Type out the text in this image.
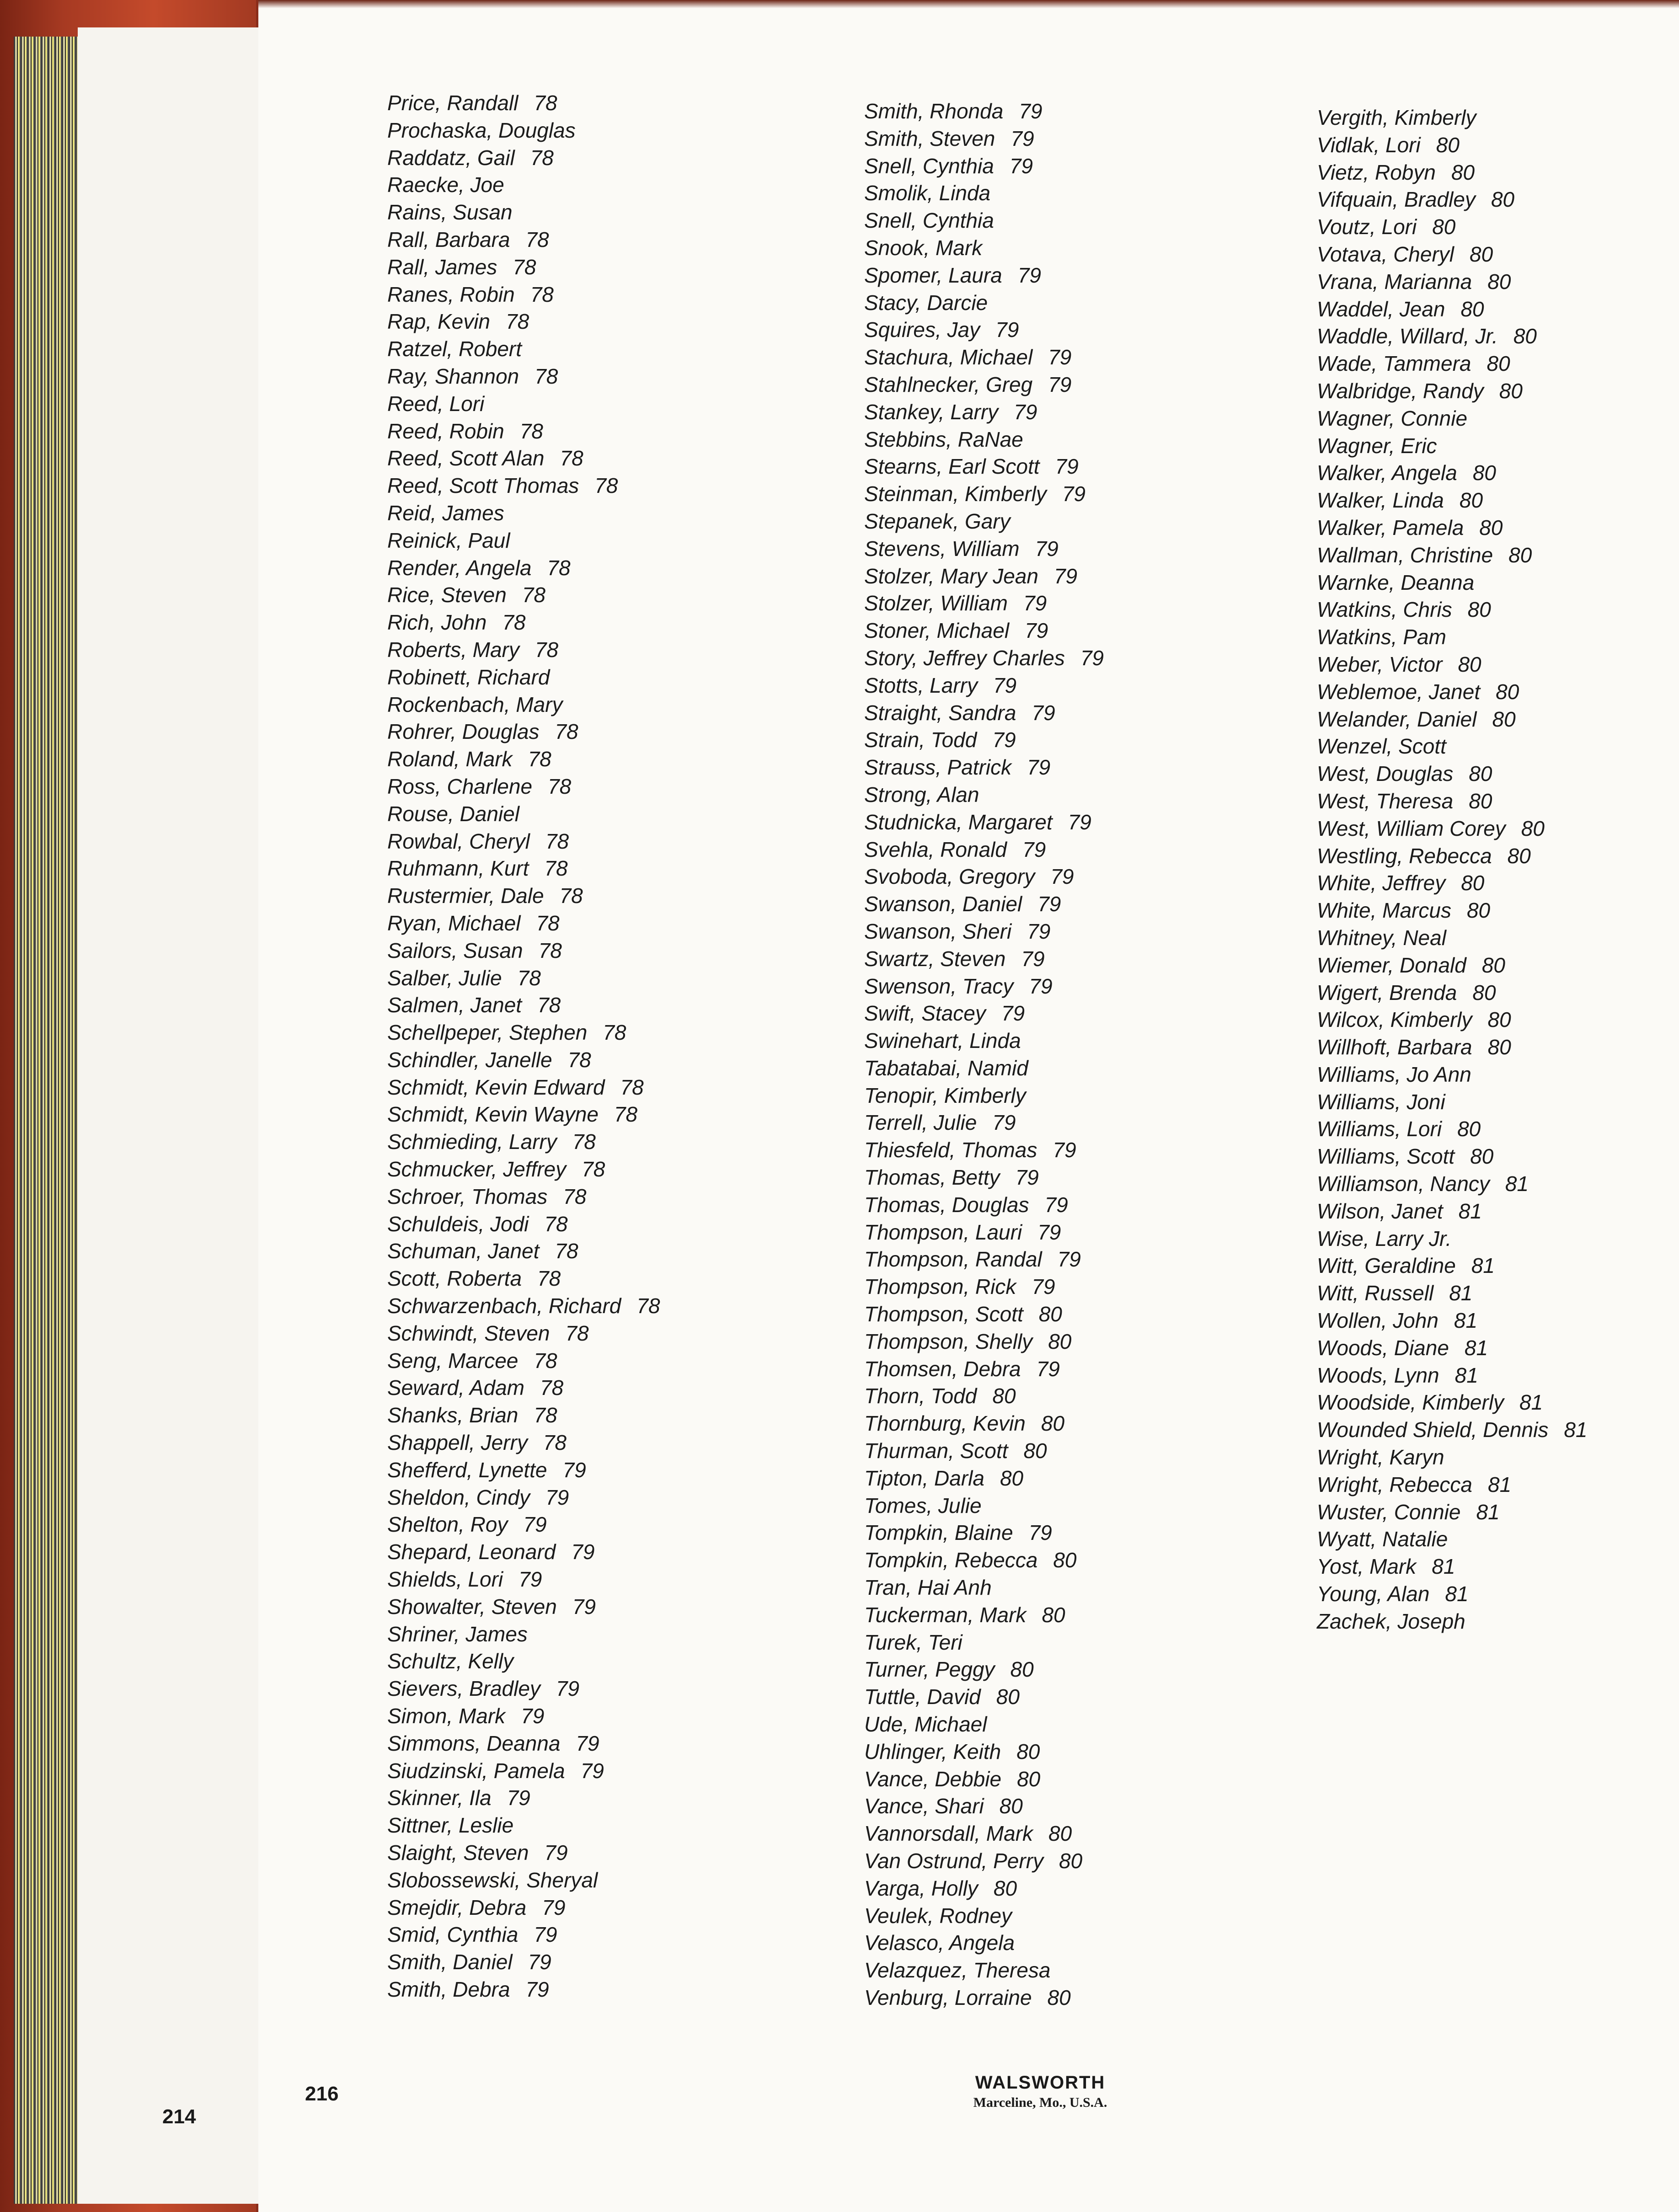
214
Price, Randall 78
Prochaska, Douglas
Raddatz, Gail 78
Raecke, Joe
Rains, Susan
Rall, Barbara 78
Rall, James 78
Ranes, Robin 78
Rap, Kevin 78
Ratzel, Robert
Ray, Shannon 78
Reed, Lori
Reed, Robin 78
Reed, Scott Alan 78
Reed, Scott Thomas 78
Reid, James
Reinick, Paul
Render, Angela 78
Rice, Steven 78
Rich, John 78
Roberts, Mary 78
Robinett, Richard
Rockenbach, Mary
Rohrer, Douglas 78
Roland, Mark 78
Ross, Charlene 78
Rouse, Daniel
Rowbal, Cheryl 78
Ruhmann, Kurt 78
Rustermier, Dale 78
Ryan, Michael 78
Sailors, Susan 78
Salber, Julie 78
Salmen, Janet 78
Schellpeper, Stephen 78
Schindler, Janelle 78
Schmidt, Kevin Edward 78
Schmidt, Kevin Wayne 78
Schmieding, Larry 78
Schmucker, Jeffrey 78
Schroer, Thomas 78
Schuldeis, Jodi 78
Schuman, Janet 78
Scott, Roberta 78
Schwarzenbach, Richard 78
Schwindt, Steven 78
Seng, Marcee 78
Seward, Adam 78
Shanks, Brian 78
Shappell, Jerry 78
Shefferd, Lynette 79
Sheldon, Cindy 79
Shelton, Roy 79
Shepard, Leonard 79
Shields, Lori 79
Showalter, Steven 79
Shriner, James
Schultz, Kelly
Sievers, Bradley 79
Simon, Mark 79
Simmons, Deanna 79
Siudzinski, Pamela 79
Skinner, Ila 79
Sittner, Leslie
Slaight, Steven 79
Slobossewski, Sheryal
Smejdir, Debra 79
Smid, Cynthia 79
Smith, Daniel 79
Smith, Debra 79
Smith, Rhonda 79
Smith, Steven 79
Snell, Cynthia 79
Smolik, Linda
Snell, Cynthia
Snook, Mark
Spomer, Laura 79
Stacy, Darcie
Squires, Jay 79
Stachura, Michael 79
Stahlnecker, Greg 79
Stankey, Larry 79
Stebbins, RaNae
Stearns, Earl Scott 79
Steinman, Kimberly 79
Stepanek, Gary
Stevens, William 79
Stolzer, Mary Jean 79
Stolzer, William 79
Stoner, Michael 79
Story, Jeffrey Charles 79
Stotts, Larry 79
Straight, Sandra 79
Strain, Todd 79
Strauss, Patrick 79
Strong, Alan
Studnicka, Margaret 79
Svehla, Ronald 79
Svoboda, Gregory 79
Swanson, Daniel 79
Swanson, Sheri 79
Swartz, Steven 79
Swenson, Tracy 79
Swift, Stacey 79
Swinehart, Linda
Tabatabai, Namid
Tenopir, Kimberly
Terrell, Julie 79
Thiesfeld, Thomas 79
Thomas, Betty 79
Thomas, Douglas 79
Thompson, Lauri 79
Thompson, Randal 79
Thompson, Rick 79
Thompson, Scott 80
Thompson, Shelly 80
Thomsen, Debra 79
Thorn, Todd 80
Thornburg, Kevin 80
Thurman, Scott 80
Tipton, Darla 80
Tomes, Julie
Tompkin, Blaine 79
Tompkin, Rebecca 80
Tran, Hai Anh
Tuckerman, Mark 80
Turek, Teri
Turner, Peggy 80
Tuttle, David 80
Ude, Michael
Uhlinger, Keith 80
Vance, Debbie 80
Vance, Shari 80
Vannorsdall, Mark 80
Van Ostrund, Perry 80
Varga, Holly 80
Veulek, Rodney
Velasco, Angela
Velazquez, Theresa
Venburg, Lorraine 80
Vergith, Kimberly
Vidlak, Lori 80
Vietz, Robyn 80
Vifquain, Bradley 80
Voutz, Lori 80
Votava, Cheryl 80
Vrana, Marianna 80
Waddel, Jean 80
Waddle, Willard, Jr. 80
Wade, Tammera 80
Walbridge, Randy 80
Wagner, Connie
Wagner, Eric
Walker, Angela 80
Walker, Linda 80
Walker, Pamela 80
Wallman, Christine 80
Warnke, Deanna
Watkins, Chris 80
Watkins, Pam
Weber, Victor 80
Weblemoe, Janet 80
Welander, Daniel 80
Wenzel, Scott
West, Douglas 80
West, Theresa 80
West, William Corey 80
Westling, Rebecca 80
White, Jeffrey 80
White, Marcus 80
Whitney, Neal
Wiemer, Donald 80
Wigert, Brenda 80
Wilcox, Kimberly 80
Willhoft, Barbara 80
Williams, Jo Ann
Williams, Joni
Williams, Lori 80
Williams, Scott 80
Williamson, Nancy 81
Wilson, Janet 81
Wise, Larry Jr.
Witt, Geraldine 81
Witt, Russell 81
Wollen, John 81
Woods, Diane 81
Woods, Lynn 81
Woodside, Kimberly 81
Wounded Shield, Dennis 81
Wright, Karyn
Wright, Rebecca 81
Wuster, Connie 81
Wyatt, Natalie
Yost, Mark 81
Young, Alan 81
Zachek, Joseph
216	WALSWORTH
Marceline, Mo., U.S.A.
